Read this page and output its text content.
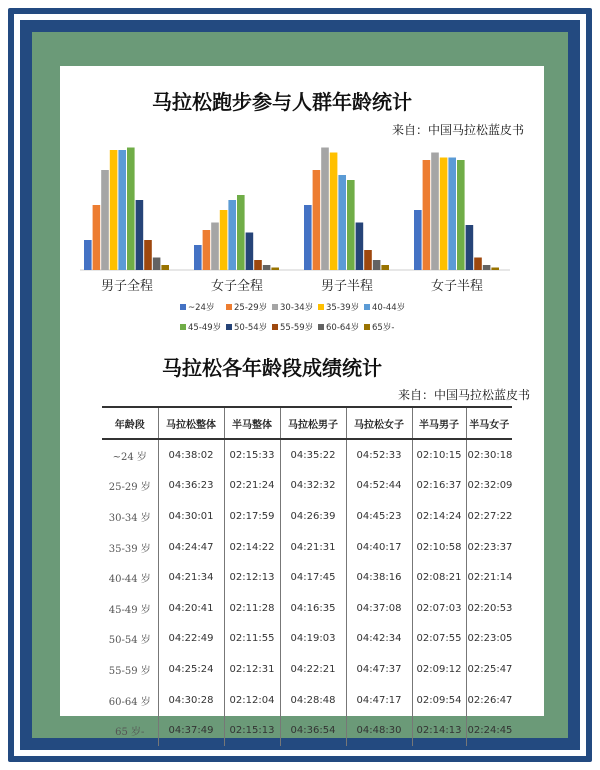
马拉松跑步参与人群年龄统计
来自：中国马拉松蓝皮书
男子全程	女子全程	男子半程	女子半程
~24岁 25-29岁 30-34岁 35-39岁 40-44岁
45-49岁 50-54岁 55-59岁 60-64岁 65岁-
马拉松各年龄段成绩统计
来自：中国马拉松蓝皮书
年龄段	马拉松整体	半马整体	马拉松男子	马拉松女子	半马男子	半马女子
~24 岁	04:38:02	02:15:33	04:35:22	04:52:33	02:10:15	02:30:18
25-29 岁	04:36:23	02:21:24	04:32:32	04:52:44	02:16:37	02:32:09
30-34 岁	04:30:01	02:17:59	04:26:39	04:45:23	02:14:24	02:27:22
35-39 岁	04:24:47	02:14:22	04:21:31	04:40:17	02:10:58	02:23:37
40-44 岁	04:21:34	02:12:13	04:17:45	04:38:16	02:08:21	02:21:14
45-49 岁	04:20:41	02:11:28	04:16:35	04:37:08	02:07:03	02:20:53
50-54 岁	04:22:49	02:11:55	04:19:03	04:42:34	02:07:55	02:23:05
55-59 岁	04:25:24	02:12:31	04:22:21	04:47:37	02:09:12	02:25:47
60-64 岁	04:30:28	02:12:04	04:28:48	04:47:17	02:09:54	02:26:47
65 岁-	04:37:49	02:15:13	04:36:54	04:48:30	02:14:13	02:24:45
